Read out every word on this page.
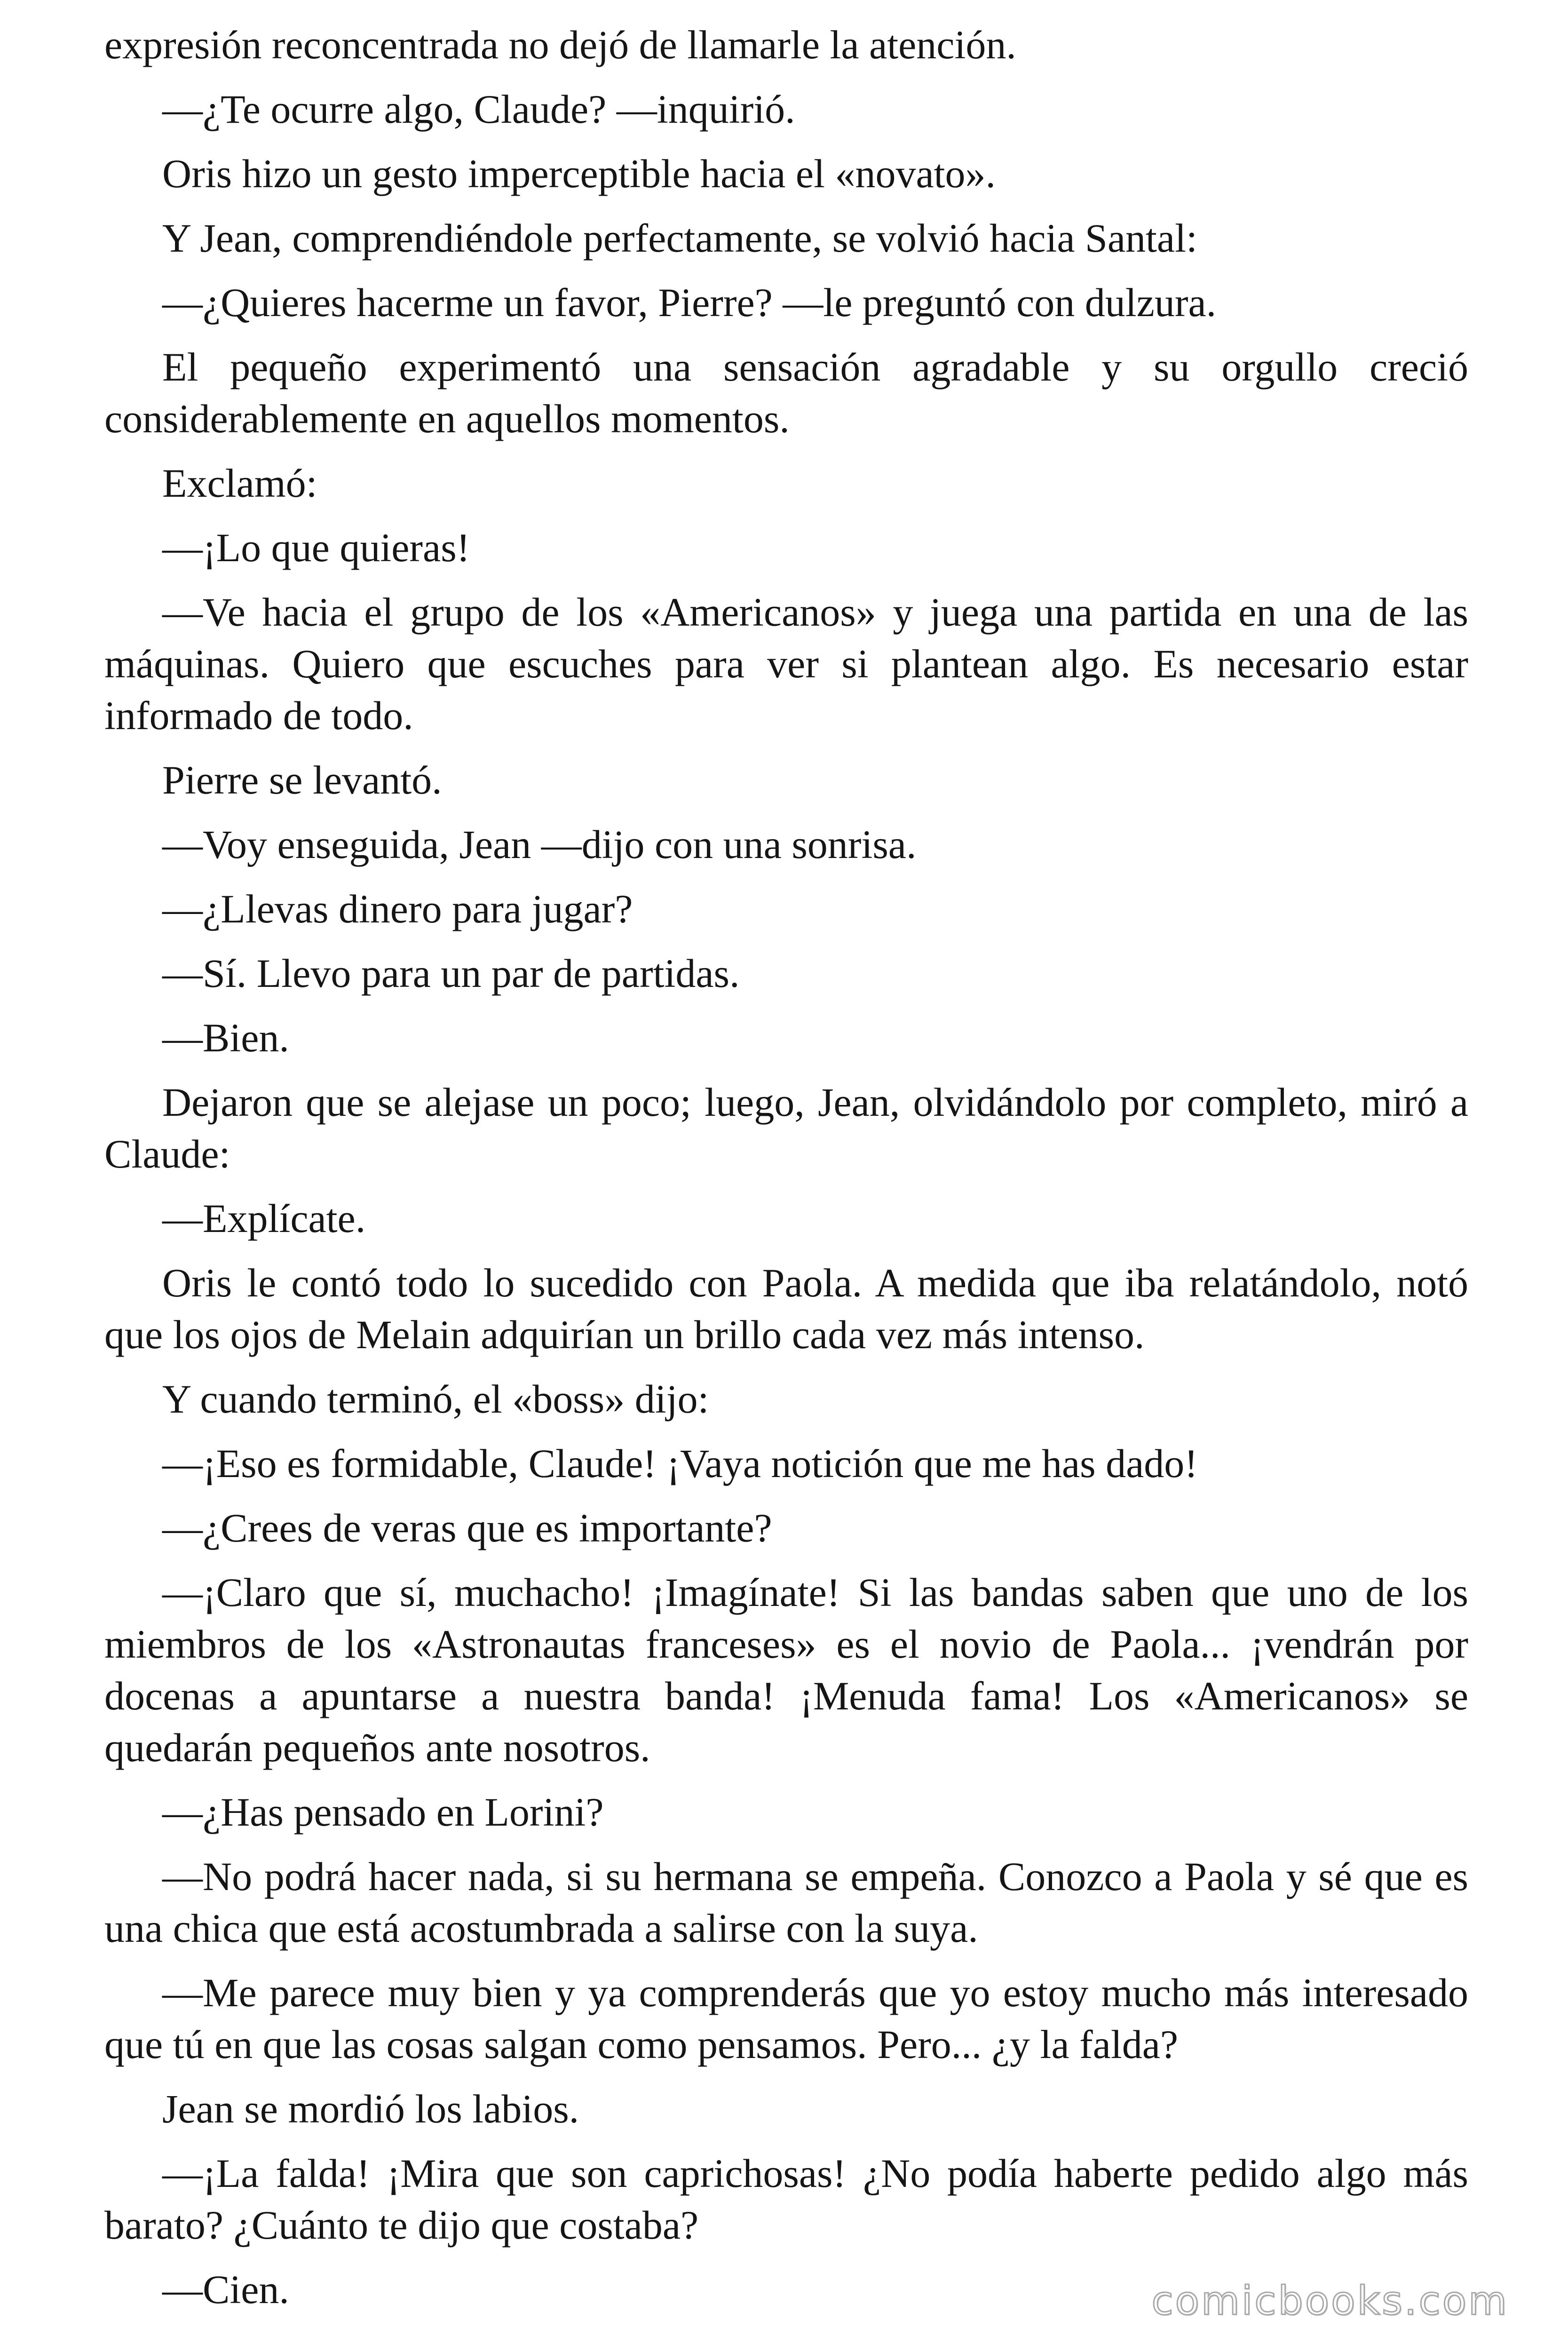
expresión reconcentrada no dejó de llamarle la atención.

—¿Te ocurre algo, Claude? —inquirió.

Oris hizo un gesto imperceptible hacia el «novato».

Y Jean, comprendiéndole perfectamente, se volvió hacia Santal:

—¿Quieres hacerme un favor, Pierre? —le preguntó con dulzura.

El pequeño experimentó una sensación agradable y su orgullo creció considerablemente en aquellos momentos.

Exclamó:

—¡Lo que quieras!

—Ve hacia el grupo de los «Americanos» y juega una partida en una de las máquinas. Quiero que escuches para ver si plantean algo. Es necesario estar informado de todo.

Pierre se levantó.

—Voy enseguida, Jean —dijo con una sonrisa.

—¿Llevas dinero para jugar?

—Sí. Llevo para un par de partidas.

—Bien.

Dejaron que se alejase un poco; luego, Jean, olvidándolo por completo, miró a Claude:

—Explícate.

Oris le contó todo lo sucedido con Paola. A medida que iba relatándolo, notó que los ojos de Melain adquirían un brillo cada vez más intenso.

Y cuando terminó, el «boss» dijo:

—¡Eso es formidable, Claude! ¡Vaya notición que me has dado!

—¿Crees de veras que es importante?

—¡Claro que sí, muchacho! ¡Imagínate! Si las bandas saben que uno de los miembros de los «Astronautas franceses» es el novio de Paola... ¡vendrán por docenas a apuntarse a nuestra banda! ¡Menuda fama! Los «Americanos» se quedarán pequeños ante nosotros.

—¿Has pensado en Lorini?

—No podrá hacer nada, si su hermana se empeña. Conozco a Paola y sé que es una chica que está acostumbrada a salirse con la suya.

—Me parece muy bien y ya comprenderás que yo estoy mucho más interesado que tú en que las cosas salgan como pensamos. Pero... ¿y la falda?

Jean se mordió los labios.

—¡La falda! ¡Mira que son caprichosas! ¿No podía haberte pedido algo más barato? ¿Cuánto te dijo que costaba?

—Cien.	comicbooks.com
